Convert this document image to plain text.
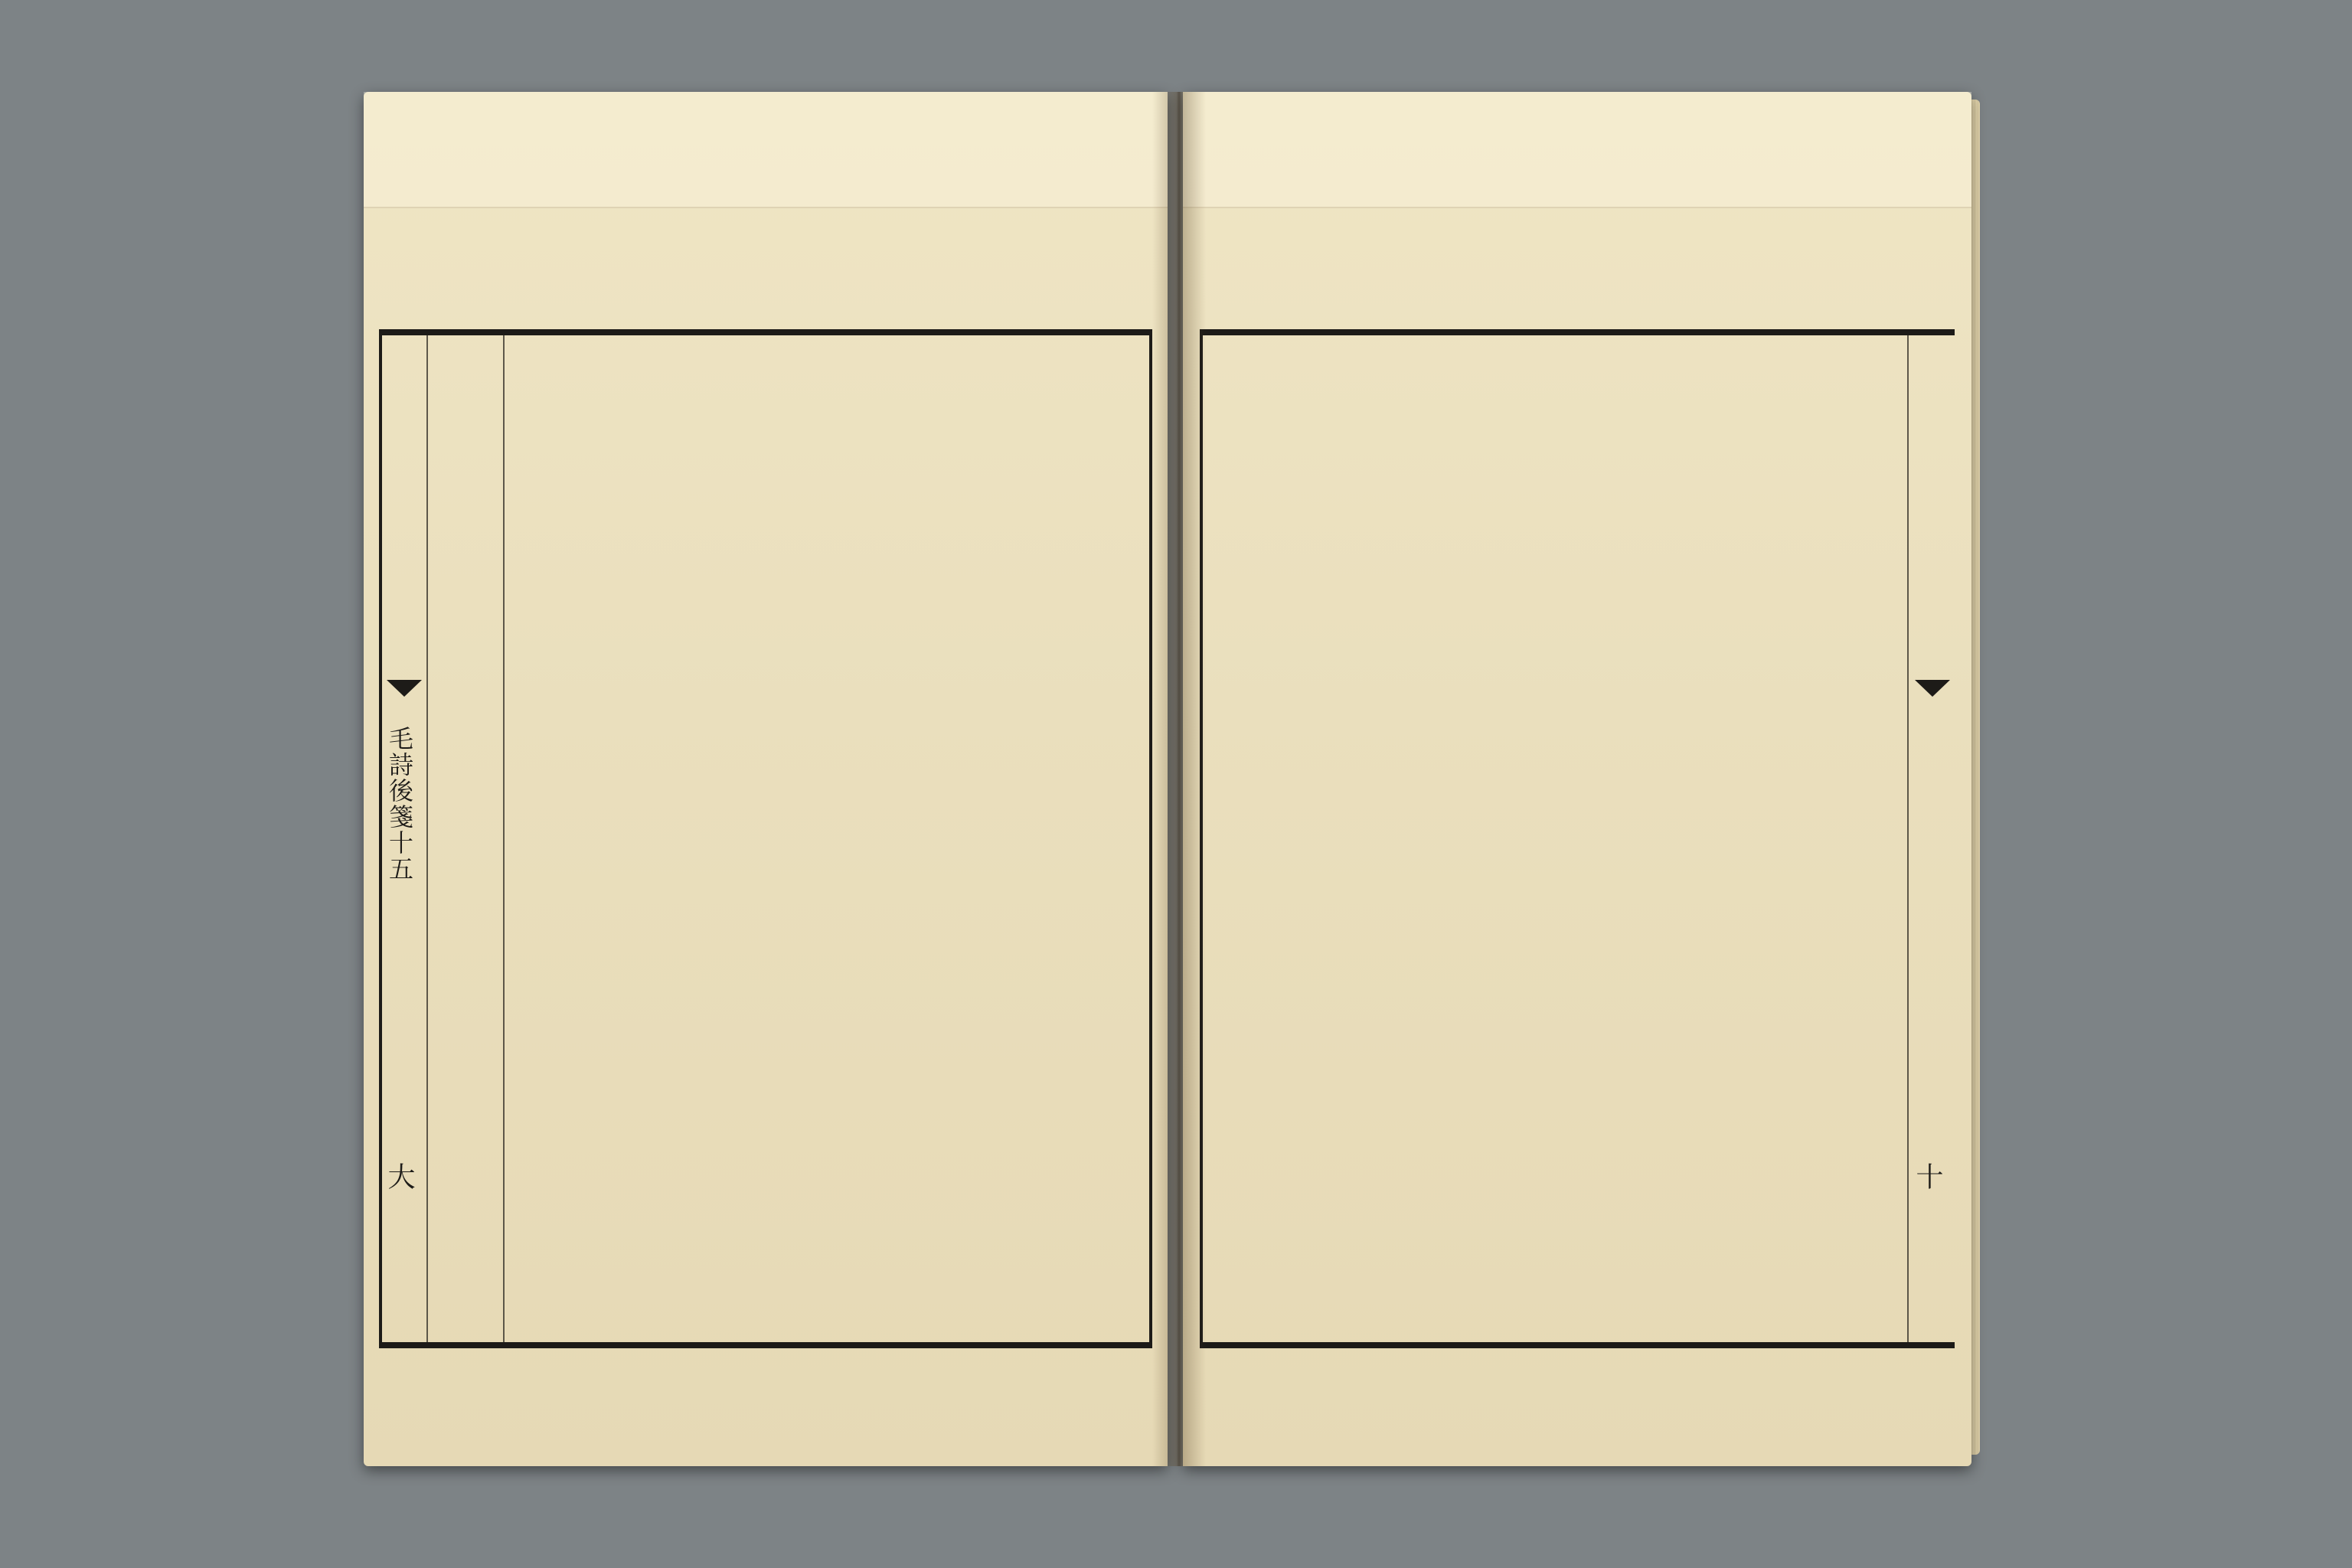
毛詩後箋十五
大	十
